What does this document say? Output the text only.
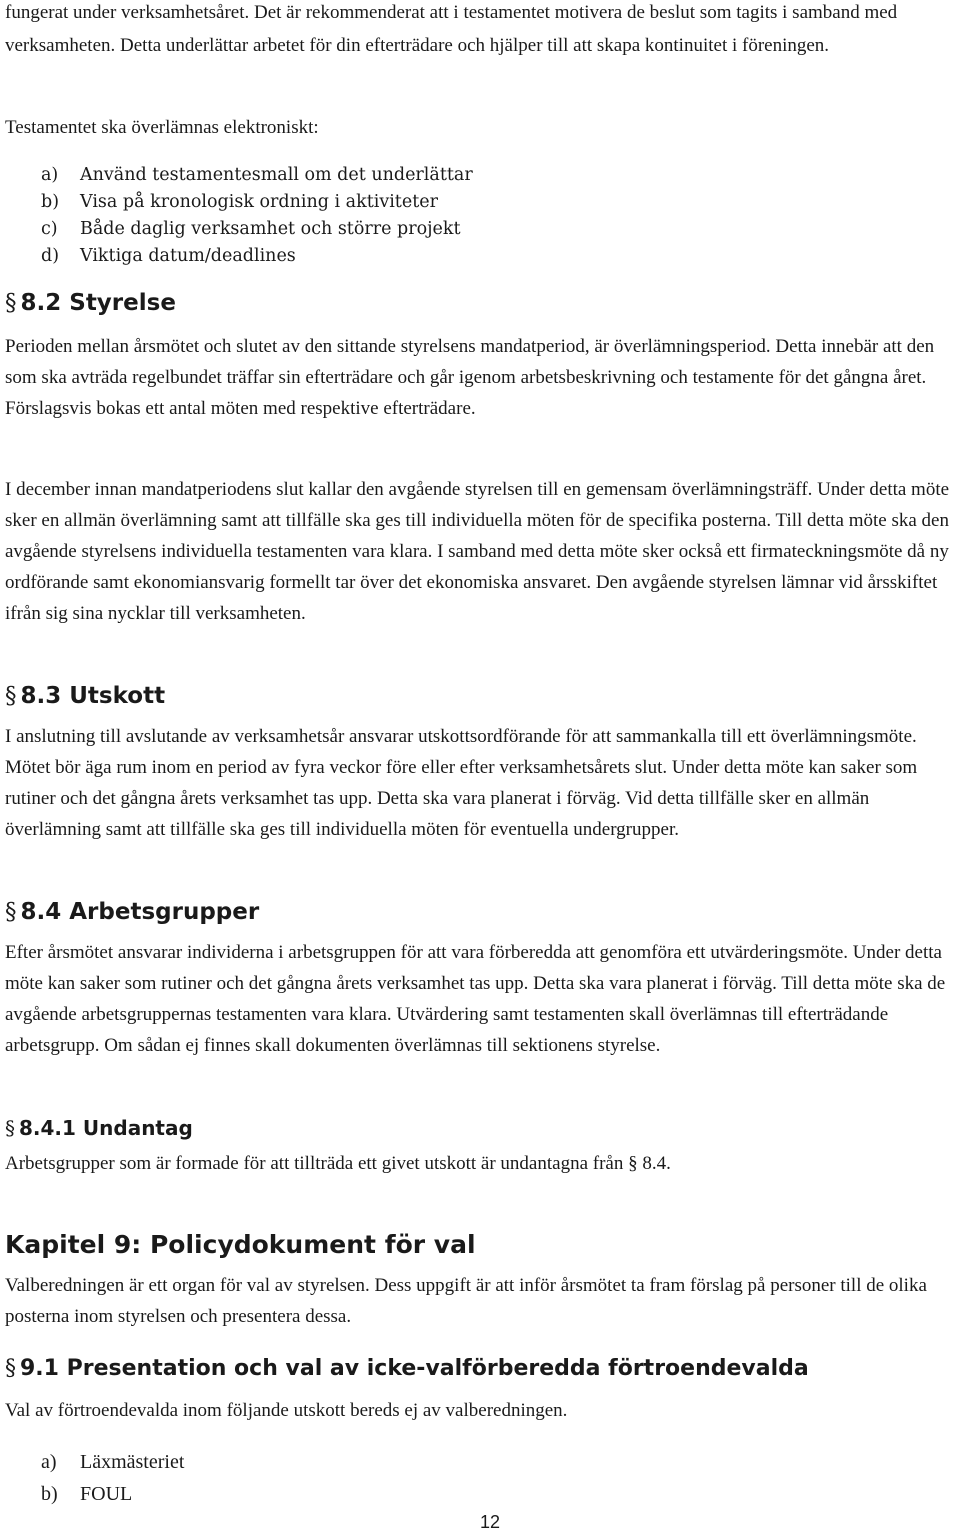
fungerat under verksamhetsåret. Det är rekommenderat att i testamentet motivera de beslut som tagits i samband med verksamheten. Detta underlättar arbetet för din efterträdare och hjälper till att skapa kontinuitet i föreningen.

Testamentet ska överlämnas elektroniskt:

a) Använd testamentesmall om det underlättar
b) Visa på kronologisk ordning i aktiviteter
c) Både daglig verksamhet och större projekt
d) Viktiga datum/deadlines
§ 8.2 Styrelse

Perioden mellan årsmötet och slutet av den sittande styrelsens mandatperiod, är överlämningsperiod. Detta innebär att den som ska avträda regelbundet träffar sin efterträdare och går igenom arbetsbeskrivning och testamente för det gångna året. Förslagsvis bokas ett antal möten med respektive efterträdare.

I december innan mandatperiodens slut kallar den avgående styrelsen till en gemensam överlämningsträff. Under detta möte sker en allmän överlämning samt att tillfälle ska ges till individuella möten för de specifika posterna. Till detta möte ska den avgående styrelsens individuella testamenten vara klara. I samband med detta möte sker också ett firmateckningsmöte då ny ordförande samt ekonomiansvarig formellt tar över det ekonomiska ansvaret. Den avgående styrelsen lämnar vid årsskiftet ifrån sig sina nycklar till verksamheten.

§ 8.3 Utskott

I anslutning till avslutande av verksamhetsår ansvarar utskottsordförande för att sammankalla till ett överlämningsmöte. Mötet bör äga rum inom en period av fyra veckor före eller efter verksamhetsårets slut. Under detta möte kan saker som rutiner och det gångna årets verksamhet tas upp. Detta ska vara planerat i förväg. Vid detta tillfälle sker en allmän överlämning samt att tillfälle ska ges till individuella möten för eventuella undergrupper.

§ 8.4 Arbetsgrupper

Efter årsmötet ansvarar individerna i arbetsgruppen för att vara förberedda att genomföra ett utvärderingsmöte. Under detta möte kan saker som rutiner och det gångna årets verksamhet tas upp. Detta ska vara planerat i förväg. Till detta möte ska de avgående arbetsgruppernas testamenten vara klara. Utvärdering samt testamenten skall överlämnas till efterträdande arbetsgrupp. Om sådan ej finnes skall dokumenten överlämnas till sektionens styrelse.

§ 8.4.1 Undantag

Arbetsgrupper som är formade för att tillträda ett givet utskott är undantagna från § 8.4.

Kapitel 9: Policydokument för val

Valberedningen är ett organ för val av styrelsen. Dess uppgift är att inför årsmötet ta fram förslag på personer till de olika posterna inom styrelsen och presentera dessa.

§ 9.1 Presentation och val av icke-valförberedda förtroendevalda

Val av förtroendevalda inom följande utskott bereds ej av valberedningen.

a) Läxmästeriet
b) FOUL
12
